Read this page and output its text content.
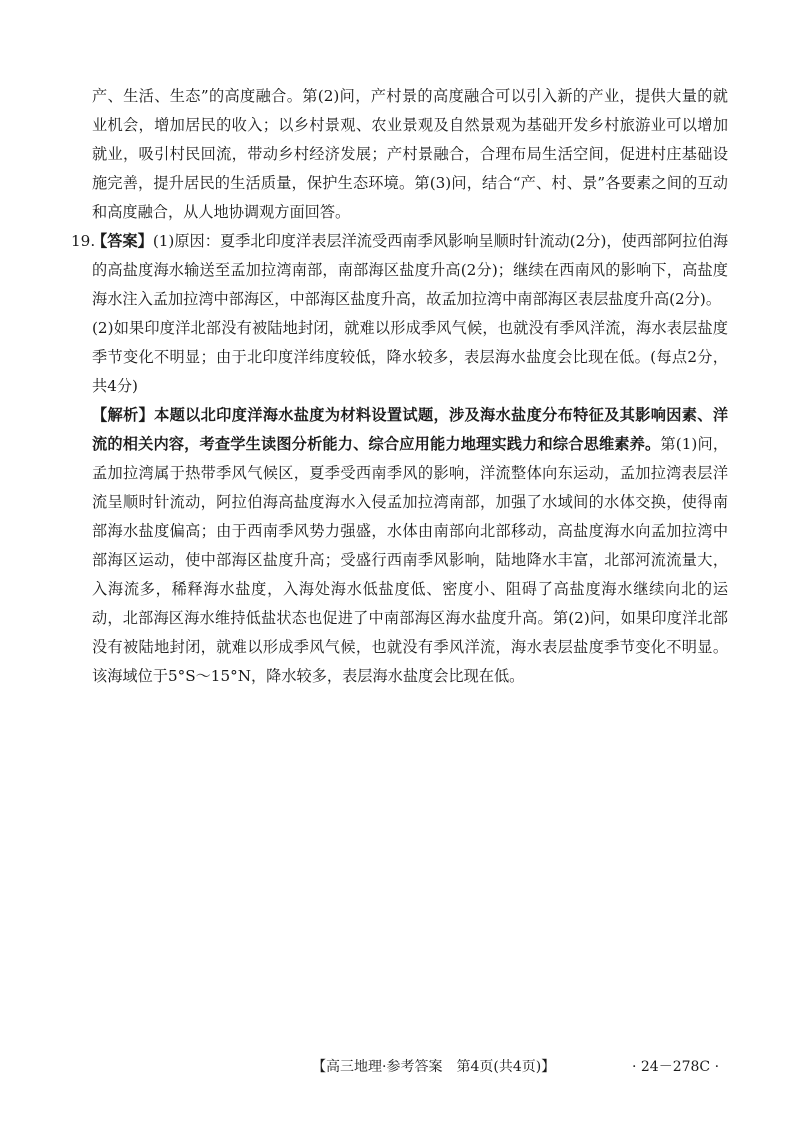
产、生活、生态”的高度融合。第(2)问，产村景的高度融合可以引入新的产业，提供大量的就业机会，增加居民的收入；以乡村景观、农业景观及自然景观为基础开发乡村旅游业可以增加就业，吸引村民回流，带动乡村经济发展；产村景融合，合理布局生活空间，促进村庄基础设施完善，提升居民的生活质量，保护生态环境。第(3)问，结合“产、村、景”各要素之间的互动和高度融合，从人地协调观方面回答。

19.

【答案】(1)原因：夏季北印度洋表层洋流受西南季风影响呈顺时针流动(2分)，使西部阿拉伯海的高盐度海水输送至孟加拉湾南部，南部海区盐度升高(2分)；继续在西南风的影响下，高盐度海水注入孟加拉湾中部海区，中部海区盐度升高，故孟加拉湾中南部海区表层盐度升高(2分)。

(2)如果印度洋北部没有被陆地封闭，就难以形成季风气候，也就没有季风洋流，海水表层盐度季节变化不明显；由于北印度洋纬度较低，降水较多，表层海水盐度会比现在低。(每点2分，共4分)

【解析】本题以北印度洋海水盐度为材料设置试题，涉及海水盐度分布特征及其影响因素、洋流的相关内容，考查学生读图分析能力、综合应用能力地理实践力和综合思维素养。第(1)问，孟加拉湾属于热带季风气候区，夏季受西南季风的影响，洋流整体向东运动，孟加拉湾表层洋流呈顺时针流动，阿拉伯海高盐度海水入侵孟加拉湾南部，加强了水域间的水体交换，使得南部海水盐度偏高；由于西南季风势力强盛，水体由南部向北部移动，高盐度海水向孟加拉湾中部海区运动，使中部海区盐度升高；受盛行西南季风影响，陆地降水丰富，北部河流流量大，入海流多，稀释海水盐度，入海处海水低盐度低、密度小、阻碍了高盐度海水继续向北的运动，北部海区海水维持低盐状态也促进了中南部海区海水盐度升高。第(2)问，如果印度洋北部没有被陆地封闭，就难以形成季风气候，也就没有季风洋流，海水表层盐度季节变化不明显。该海域位于5°S～15°N，降水较多，表层海水盐度会比现在低。

【高三地理·参考答案　第4页(共4页)】	· 24－278C ·
